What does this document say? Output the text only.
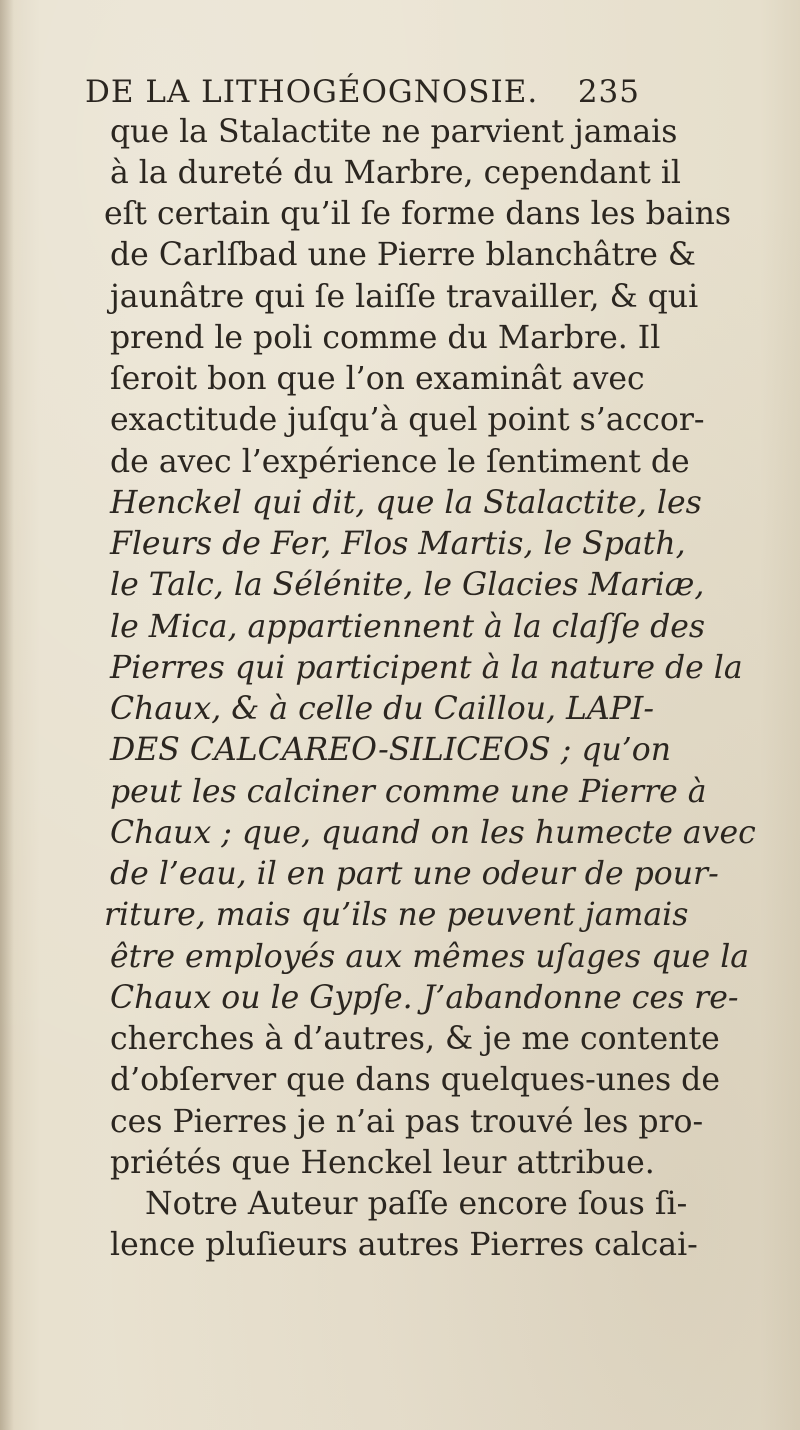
DE LA LITHOGÉOGNOSIE. 235
que la Stalactite ne parvient jamais
à la dureté du Marbre, cependant il
eſt certain qu’il ſe forme dans les bains
de Carlſbad une Pierre blanchâtre &
jaunâtre qui ſe laiſſe travailler, & qui
prend le poli comme du Marbre. Il
ſeroit bon que l’on examinât avec
exactitude juſqu’à quel point s’accor-
de avec l’expérience le ſentiment de
Henckel qui dit, que la Stalactite, les
Fleurs de Fer, Flos Martis, le Spath,
le Talc, la Sélénite, le Glacies Mariæ,
le Mica, appartiennent à la claſſe des
Pierres qui participent à la nature de la
Chaux, & à celle du Caillou, LAPI-
DES CALCAREO-SILICEOS ; qu’on
peut les calciner comme une Pierre à
Chaux ; que, quand on les humecte avec
de l’eau, il en part une odeur de pour-
riture, mais qu’ils ne peuvent jamais
être employés aux mêmes uſages que la
Chaux ou le Gypſe. J’abandonne ces re-
cherches à d’autres, & je me contente
d’obſerver que dans quelques-unes de
ces Pierres je n’ai pas trouvé les pro-
priétés que Henckel leur attribue.
Notre Auteur paſſe encore ſous ſi-
lence pluſieurs autres Pierres calcai-
